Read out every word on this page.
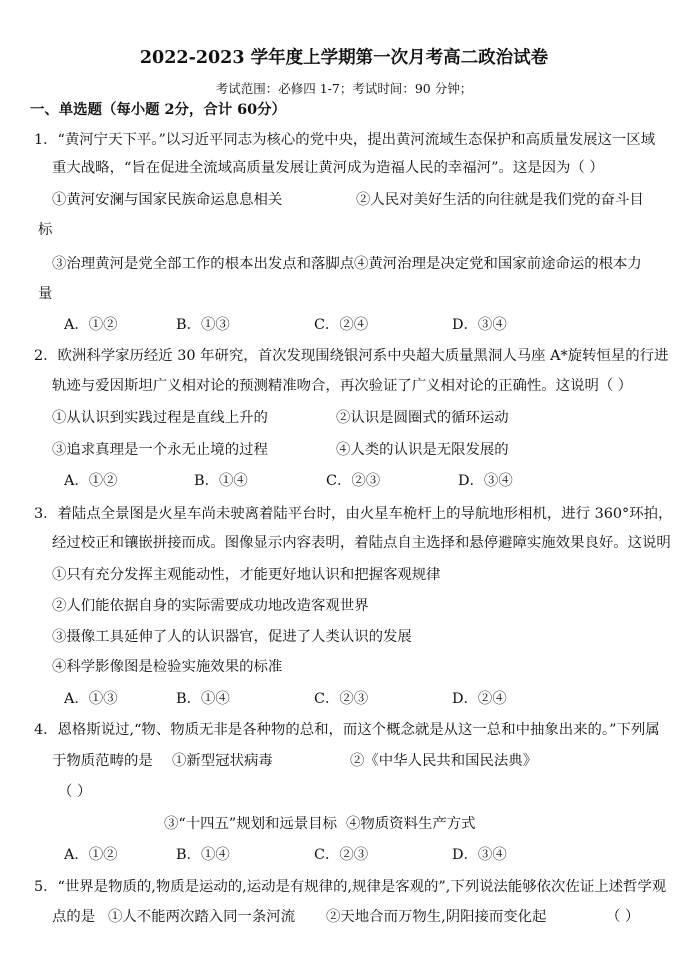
2022-2023 学年度上学期第一次月考高二政治试卷
考试范围：必修四 1-7；考试时间：90 分钟；
一、单选题（每小题 2分，合计 60分）
1．“黄河宁天下平。”以习近平同志为核心的党中央，提出黄河流域生态保护和高质量发展这一区域
重大战略，“旨在促进全流域高质量发展让黄河成为造福人民的幸福河”。这是因为（ ）
①黄河安澜与国家民族命运息息相关	②人民对美好生活的向往就是我们党的奋斗目
标
③治理黄河是党全部工作的根本出发点和落脚点 ④黄河治理是决定党和国家前途命运的根本力
量
A．①②	B．①③	C．②④	D．③④
2．欧洲科学家历经近 30 年研究，首次发现围绕银河系中央超大质量黑洞人马座 A*旋转恒星的行进
轨迹与爱因斯坦广义相对论的预测精准吻合，再次验证了广义相对论的正确性。这说明（ ）
①从认识到实践过程是直线上升的	②认识是圆圈式的循环运动
③追求真理是一个永无止境的过程	④人类的认识是无限发展的
A．①②	B．①④	C．②③	D．③④
3．着陆点全景图是火星车尚未驶离着陆平台时，由火星车桅杆上的导航地形相机，进行 360°环拍，
经过校正和镶嵌拼接而成。图像显示内容表明，着陆点自主选择和悬停避障实施效果良好。这说明
①只有充分发挥主观能动性，才能更好地认识和把握客观规律
②人们能依据自身的实际需要成功地改造客观世界
③摄像工具延伸了人的认识器官，促进了人类认识的发展
④科学影像图是检验实施效果的标准
A．①③	B．①④	C．②③	D．②④
4．恩格斯说过,“物、物质无非是各种物的总和，而这个概念就是从这一总和中抽象出来的。”下列属
于物质范畴的是 ①新型冠状病毒	②《中华人民共和国民法典》
（ ）
③“十四五”规划和远景目标 ④物质资料生产方式
A．①②	B．①④	C．②③	D．③④
5．“世界是物质的,物质是运动的,运动是有规律的,规律是客观的”,下列说法能够依次佐证上述哲学观
点的是 ①人不能两次踏入同一条河流 ②天地合而万物生,阴阳接而变化起	（ ）
